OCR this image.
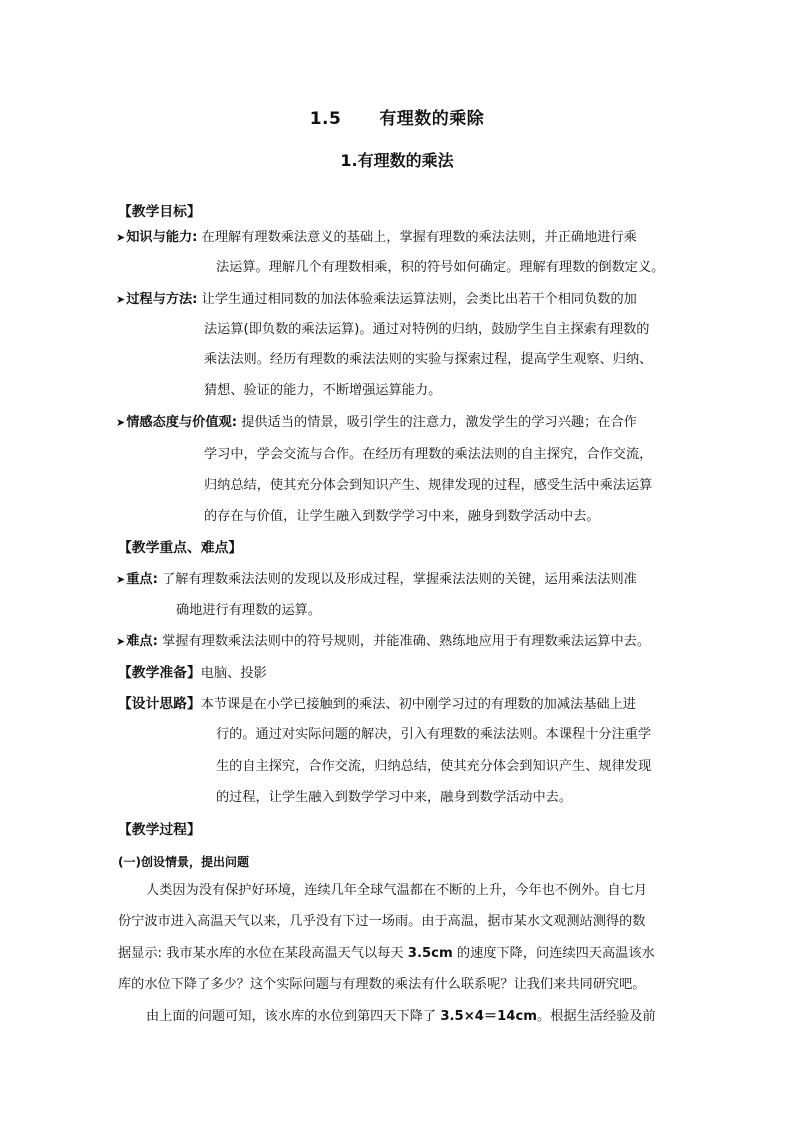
1.5 有理数的乘除
1.有理数的乘法
【教学目标】
➤知识与能力: 在理解有理数乘法意义的基础上，掌握有理数的乘法法则，并正确地进行乘
法运算。理解几个有理数相乘，积的符号如何确定。理解有理数的倒数定义。
➤过程与方法: 让学生通过相同数的加法体验乘法运算法则，会类比出若干个相同负数的加
法运算(即负数的乘法运算)。通过对特例的归纳，鼓励学生自主探索有理数的
乘法法则。经历有理数的乘法法则的实验与探索过程，提高学生观察、归纳、
猜想、验证的能力，不断增强运算能力。
➤情感态度与价值观: 提供适当的情景，吸引学生的注意力，激发学生的学习兴趣；在合作
学习中，学会交流与合作。在经历有理数的乘法法则的自主探究，合作交流，
归纳总结，使其充分体会到知识产生、规律发现的过程，感受生活中乘法运算
的存在与价值，让学生融入到数学学习中来，融身到数学活动中去。
【教学重点、难点】
➤重点: 了解有理数乘法法则的发现以及形成过程，掌握乘法法则的关键，运用乘法法则准
确地进行有理数的运算。
➤难点: 掌握有理数乘法法则中的符号规则，并能准确、熟练地应用于有理数乘法运算中去。
【教学准备】电脑、投影
【设计思路】本节课是在小学已接触到的乘法、初中刚学习过的有理数的加减法基础上进
行的。通过对实际问题的解决，引入有理数的乘法法则。本课程十分注重学
生的自主探究，合作交流，归纳总结，使其充分体会到知识产生、规律发现
的过程，让学生融入到数学学习中来，融身到数学活动中去。
【教学过程】
(一)创设情景，提出问题
人类因为没有保护好环境，连续几年全球气温都在不断的上升，今年也不例外。自七月
份宁波市进入高温天气以来，几乎没有下过一场雨。由于高温，据市某水文观测站测得的数
据显示: 我市某水库的水位在某段高温天气以每天 3.5cm 的速度下降，问连续四天高温该水
库的水位下降了多少？这个实际问题与有理数的乘法有什么联系呢？让我们来共同研究吧。
由上面的问题可知，该水库的水位到第四天下降了 3.5×4＝14cm。根据生活经验及前
